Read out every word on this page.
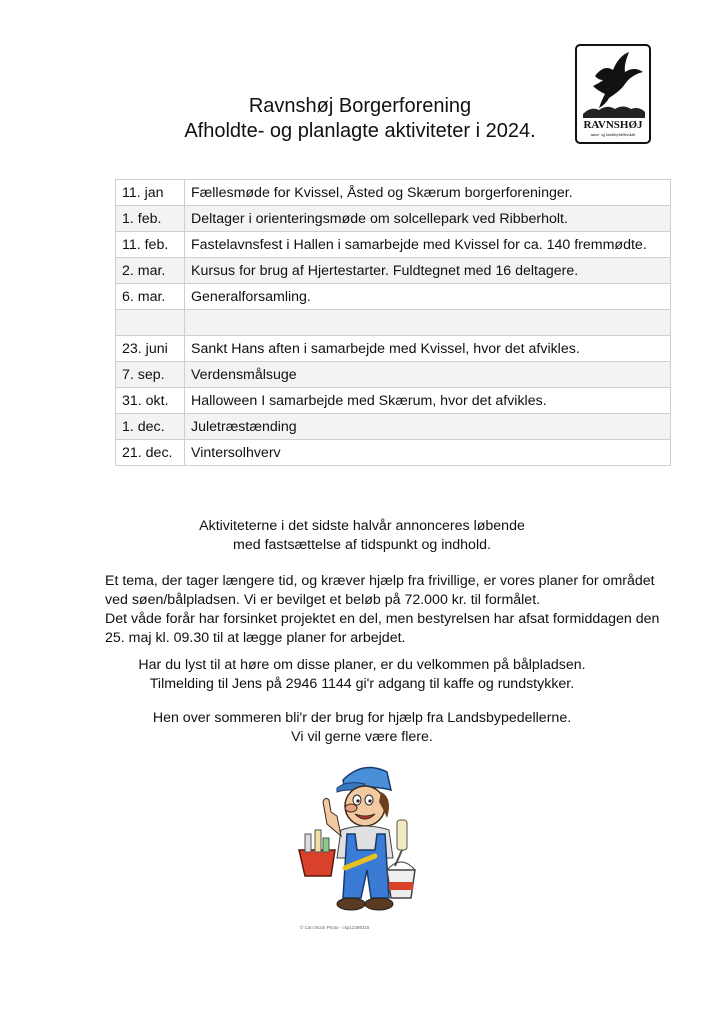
RAVNSHØJ
natur- og landsbyfællesskab
Ravnshøj Borgerforening
Afholdte- og planlagte aktiviteter i 2024.
11. jan	Fællesmøde for Kvissel, Åsted og Skærum borgerforeninger.
1. feb.	Deltager i orienteringsmøde om solcellepark ved Ribberholt.
11. feb.	Fastelavnsfest i Hallen i samarbejde med Kvissel for ca. 140 fremmødte.
2. mar.	Kursus for brug af Hjertestarter. Fuldtegnet med 16 deltagere.
6. mar.	Generalforsamling.

23. juni	Sankt Hans aften i samarbejde med Kvissel, hvor det afvikles.
7. sep.	Verdensmålsuge
31. okt.	Halloween I samarbejde med Skærum, hvor det afvikles.
1. dec.	Juletræstænding
21. dec.	Vintersolhverv
Aktiviteterne i det sidste halvår annonceres løbende
med fastsættelse af tidspunkt og indhold.
Et tema, der tager længere tid, og kræver hjælp fra frivillige, er vores planer for området
ved søen/bålpladsen. Vi er bevilget et beløb på 72.000 kr. til formålet.
Det våde forår har forsinket projektet en del, men bestyrelsen har afsat formiddagen den
25. maj kl. 09.30 til at lægge planer for arbejdet.
Har du lyst til at høre om disse planer, er du velkommen på bålpladsen.
Tilmelding til Jens på 2946 1144 gi'r adgang til kaffe og rundstykker.
Hen over sommeren bli'r der brug for hjælp fra Landsbypedellerne.
Vi vil gerne være flere.
© Can Stock Photo - csp12398316
